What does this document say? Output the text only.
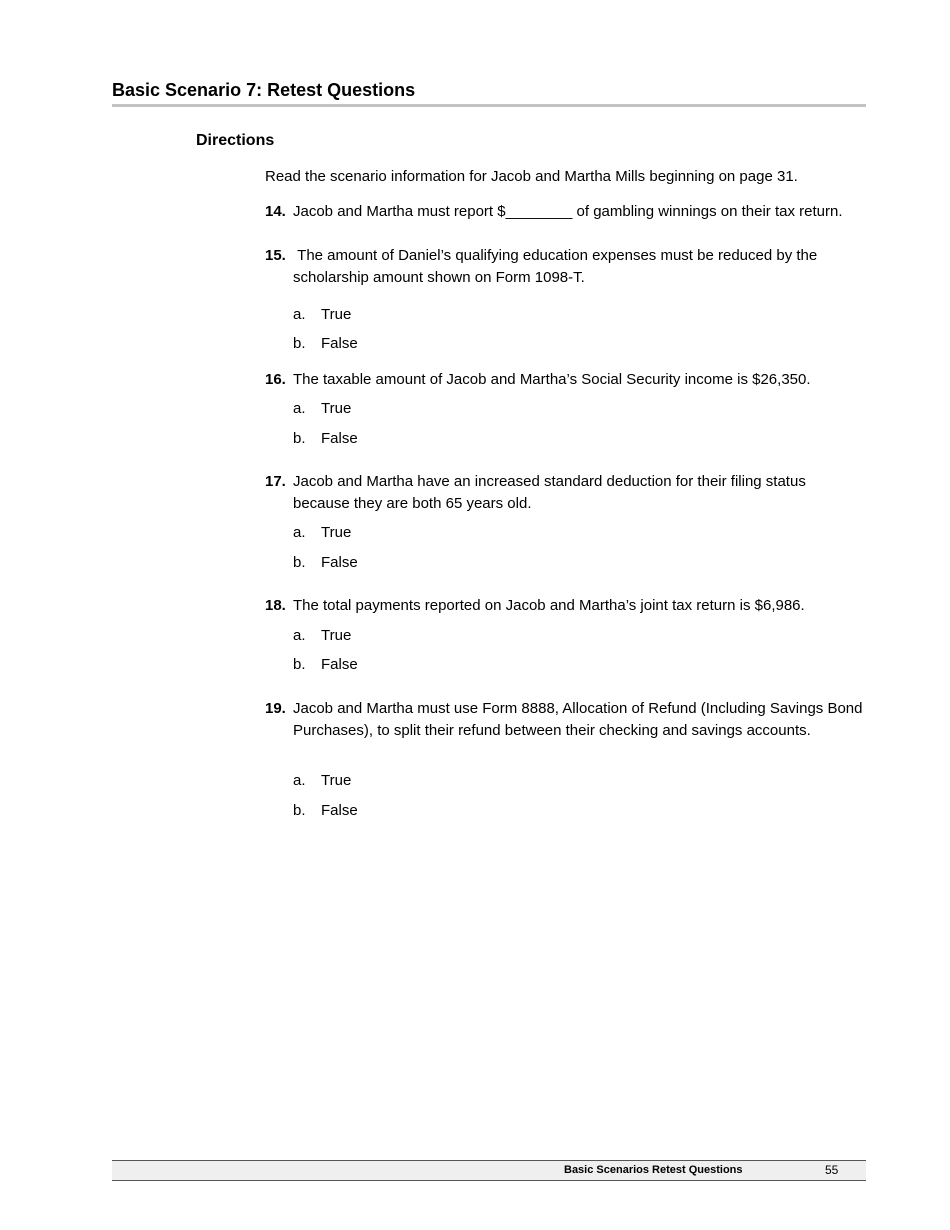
Basic Scenario 7: Retest Questions
Directions
Read the scenario information for Jacob and Martha Mills beginning on page 31.
14. Jacob and Martha must report $________ of gambling winnings on their tax return.
15. The amount of Daniel’s qualifying education expenses must be reduced by the scholarship amount shown on Form 1098-T.
a.	True
b.	False
16. The taxable amount of Jacob and Martha’s Social Security income is $26,350.
a.	True
b.	False
17. Jacob and Martha have an increased standard deduction for their filing status because they are both 65 years old.
a.	True
b.	False
18. The total payments reported on Jacob and Martha’s joint tax return is $6,986.
a.	True
b.	False
19. Jacob and Martha must use Form 8888, Allocation of Refund (Including Savings Bond Purchases), to split their refund between their checking and savings accounts.
a.	True
b.	False
Basic Scenarios Retest Questions	55
